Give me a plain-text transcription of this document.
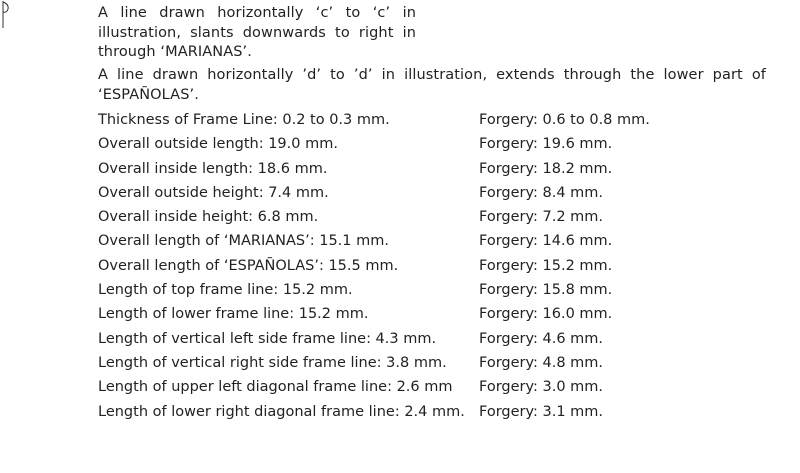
A line drawn horizontally ‘c’ to ‘c’ in illustration, slants downwards to right in through ‘MARIANAS’.

A line drawn horizontally ’d’ to ’d’ in illustration, extends through the lower part of ‘ESPAÑOLAS’.

Thickness of Frame Line: 0.2 to 0.3 mm.	Forgery: 0.6 to 0.8 mm.
Overall outside length: 19.0 mm.	Forgery: 19.6 mm.
Overall inside length: 18.6 mm.	Forgery: 18.2 mm.
Overall outside height: 7.4 mm.	Forgery: 8.4 mm.
Overall inside height: 6.8 mm.	Forgery: 7.2 mm.
Overall length of ‘MARIANAS’: 15.1 mm.	Forgery: 14.6 mm.
Overall length of ‘ESPAÑOLAS’: 15.5 mm.	Forgery: 15.2 mm.
Length of top frame line: 15.2 mm.	Forgery: 15.8 mm.
Length of lower frame line: 15.2 mm.	Forgery: 16.0 mm.
Length of vertical left side frame line: 4.3 mm.	Forgery: 4.6 mm.
Length of vertical right side frame line: 3.8 mm. Forgery: 4.8 mm.
Length of upper left diagonal frame line: 2.6 mm Forgery: 3.0 mm.
Length of lower right diagonal frame line: 2.4 mm. Forgery: 3.1 mm.
